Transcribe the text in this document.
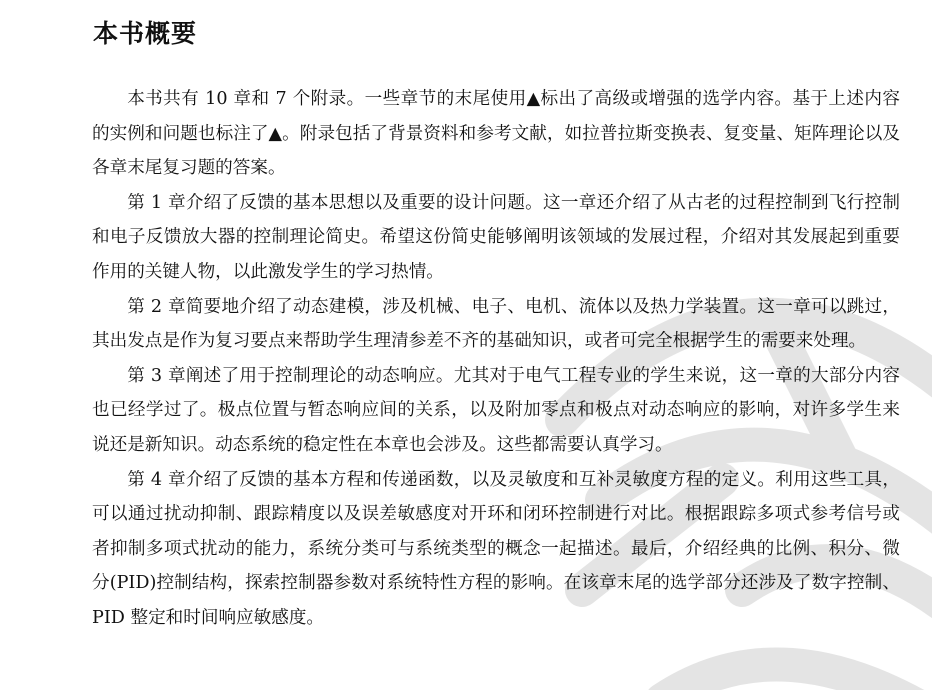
本书概要

本书共有 10 章和 7 个附录。一些章节的末尾使用▲标出了高级或增强的选学内容。基于上述内容的实例和问题也标注了▲。附录包括了背景资料和参考文献，如拉普拉斯变换表、复变量、矩阵理论以及各章末尾复习题的答案。

第 1 章介绍了反馈的基本思想以及重要的设计问题。这一章还介绍了从古老的过程控制到飞行控制和电子反馈放大器的控制理论简史。希望这份简史能够阐明该领域的发展过程，介绍对其发展起到重要作用的关键人物，以此激发学生的学习热情。

第 2 章简要地介绍了动态建模，涉及机械、电子、电机、流体以及热力学装置。这一章可以跳过，其出发点是作为复习要点来帮助学生理清参差不齐的基础知识，或者可完全根据学生的需要来处理。

第 3 章阐述了用于控制理论的动态响应。尤其对于电气工程专业的学生来说，这一章的大部分内容也已经学过了。极点位置与暂态响应间的关系，以及附加零点和极点对动态响应的影响，对许多学生来说还是新知识。动态系统的稳定性在本章也会涉及。这些都需要认真学习。

第 4 章介绍了反馈的基本方程和传递函数，以及灵敏度和互补灵敏度方程的定义。利用这些工具，可以通过扰动抑制、跟踪精度以及误差敏感度对开环和闭环控制进行对比。根据跟踪多项式参考信号或者抑制多项式扰动的能力，系统分类可与系统类型的概念一起描述。最后，介绍经典的比例、积分、微分(PID)控制结构，探索控制器参数对系统特性方程的影响。在该章末尾的选学部分还涉及了数字控制、PID 整定和时间响应敏感度。
